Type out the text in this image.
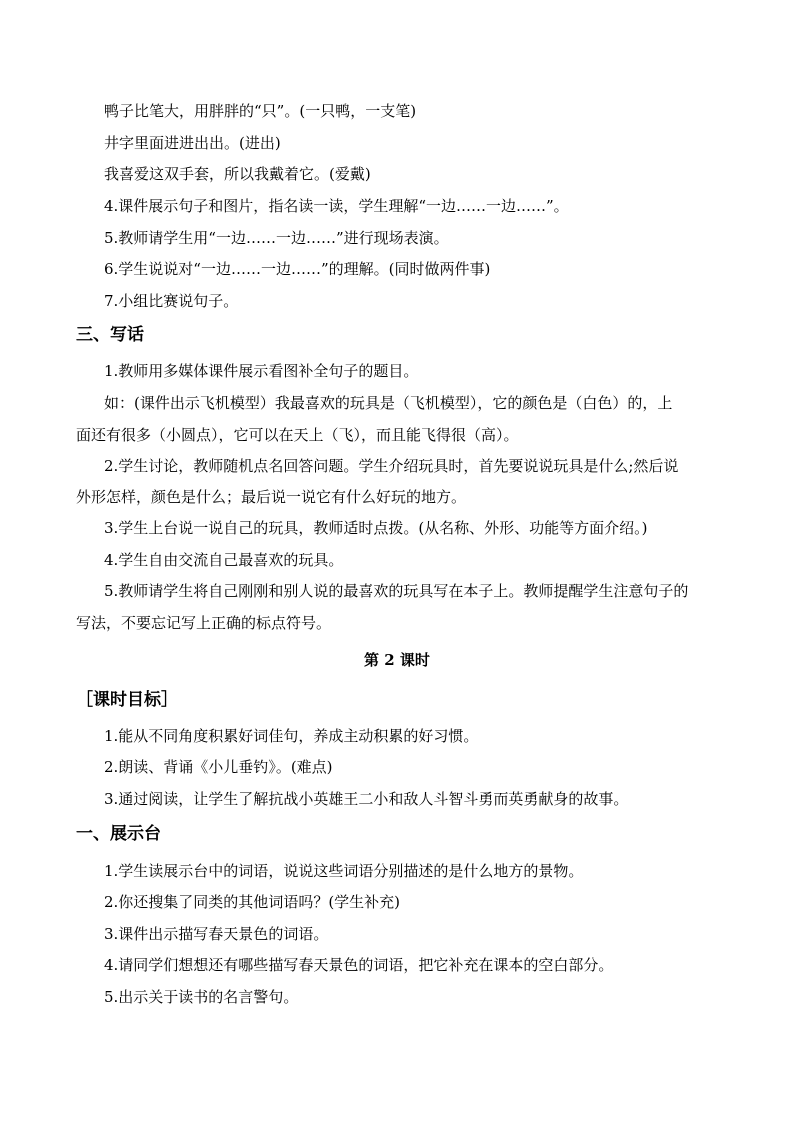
鸭子比笔大，用胖胖的“只”。(一只鸭，一支笔)
井字里面进进出出。(进出)
我喜爱这双手套，所以我戴着它。(爱戴)
4.课件展示句子和图片，指名读一读，学生理解“一边……一边……”。
5.教师请学生用“一边……一边……”进行现场表演。
6.学生说说对“一边……一边……”的理解。(同时做两件事)
7.小组比赛说句子。
三、写话
1.教师用多媒体课件展示看图补全句子的题目。
如：(课件出示飞机模型）我最喜欢的玩具是（飞机模型），它的颜色是（白色）的，上
面还有很多（小圆点），它可以在天上（飞），而且能飞得很（高）。
2.学生讨论，教师随机点名回答问题。学生介绍玩具时，首先要说说玩具是什么;然后说
外形怎样，颜色是什么；最后说一说它有什么好玩的地方。
3.学生上台说一说自己的玩具，教师适时点拨。(从名称、外形、功能等方面介绍。)
4.学生自由交流自己最喜欢的玩具。
5.教师请学生将自己刚刚和别人说的最喜欢的玩具写在本子上。教师提醒学生注意句子的
写法，不要忘记写上正确的标点符号。
第 2 课时
［课时目标］
1.能从不同角度积累好词佳句，养成主动积累的好习惯。
2.朗读、背诵《小儿垂钓》。(难点)
3.通过阅读，让学生了解抗战小英雄王二小和敌人斗智斗勇而英勇献身的故事。
一、展示台
1.学生读展示台中的词语，说说这些词语分别描述的是什么地方的景物。
2.你还搜集了同类的其他词语吗？(学生补充)
3.课件出示描写春天景色的词语。
4.请同学们想想还有哪些描写春天景色的词语，把它补充在课本的空白部分。
5.出示关于读书的名言警句。
